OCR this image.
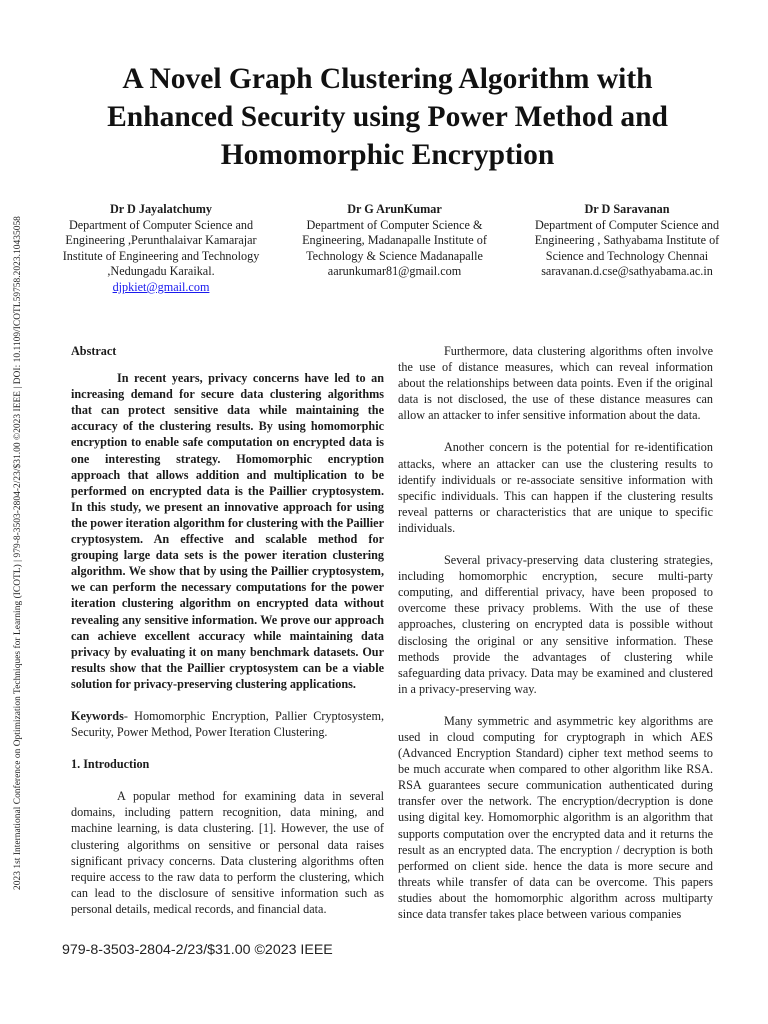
2023 1st International Conference on Optimization Techniques for Learning (ICOTL) | 979-8-3503-2804-2/23/$31.00 ©2023 IEEE | DOI: 10.1109/ICOTL59758.2023.10435058
A Novel Graph Clustering Algorithm with Enhanced Security using Power Method and Homomorphic Encryption
Dr D Jayalatchumy
Department of Computer Science and Engineering ,Perunthalaivar Kamarajar Institute of Engineering and Technology ,Nedungadu Karaikal.
djpkiet@gmail.com
Dr G ArunKumar
Department of Computer Science & Engineering, Madanapalle Institute of Technology & Science Madanapalle
aarunkumar81@gmail.com
Dr D Saravanan
Department of Computer Science and Engineering , Sathyabama Institute of Science and Technology Chennai
saravanan.d.cse@sathyabama.ac.in

Abstract

In recent years, privacy concerns have led to an increasing demand for secure data clustering algorithms that can protect sensitive data while maintaining the accuracy of the clustering results. By using homomorphic encryption to enable safe computation on encrypted data is one interesting strategy. Homomorphic encryption approach that allows addition and multiplication to be performed on encrypted data is the Paillier cryptosystem. In this study, we present an innovative approach for using the power iteration algorithm for clustering with the Paillier cryptosystem. An effective and scalable method for grouping large data sets is the power iteration clustering algorithm. We show that by using the Paillier cryptosystem, we can perform the necessary computations for the power iteration clustering algorithm on encrypted data without revealing any sensitive information. We prove our approach can achieve excellent accuracy while maintaining data privacy by evaluating it on many benchmark datasets. Our results show that the Paillier cryptosystem can be a viable solution for privacy-preserving clustering applications.

Keywords- Homomorphic Encryption, Pallier Cryptosystem, Security, Power Method, Power Iteration Clustering.

1. Introduction

A popular method for examining data in several domains, including pattern recognition, data mining, and machine learning, is data clustering. [1]. However, the use of clustering algorithms on sensitive or personal data raises significant privacy concerns. Data clustering algorithms often require access to the raw data to perform the clustering, which can lead to the disclosure of sensitive information such as personal details, medical records, and financial data.

Furthermore, data clustering algorithms often involve the use of distance measures, which can reveal information about the relationships between data points. Even if the original data is not disclosed, the use of these distance measures can allow an attacker to infer sensitive information about the data.

Another concern is the potential for re-identification attacks, where an attacker can use the clustering results to identify individuals or re-associate sensitive information with specific individuals. This can happen if the clustering results reveal patterns or characteristics that are unique to specific individuals.

Several privacy-preserving data clustering strategies, including homomorphic encryption, secure multi-party computing, and differential privacy, have been proposed to overcome these privacy problems. With the use of these approaches, clustering on encrypted data is possible without disclosing the original or any sensitive information. These methods provide the advantages of clustering while safeguarding data privacy. Data may be examined and clustered in a privacy-preserving way.

Many symmetric and asymmetric key algorithms are used in cloud computing for cryptograph in which AES (Advanced Encryption Standard) cipher text method seems to be much accurate when compared to other algorithm like RSA. RSA guarantees secure communication authenticated during transfer over the network. The encryption/decryption is done using digital key. Homomorphic algorithm is an algorithm that supports computation over the encrypted data and it returns the result as an encrypted data. The encryption / decryption is both performed on client side. hence the data is more secure and threats while transfer of data can be overcome. This papers studies about the homomorphic algorithm across multiparty since data transfer takes place between various companies

979-8-3503-2804-2/23/$31.00 ©2023 IEEE
